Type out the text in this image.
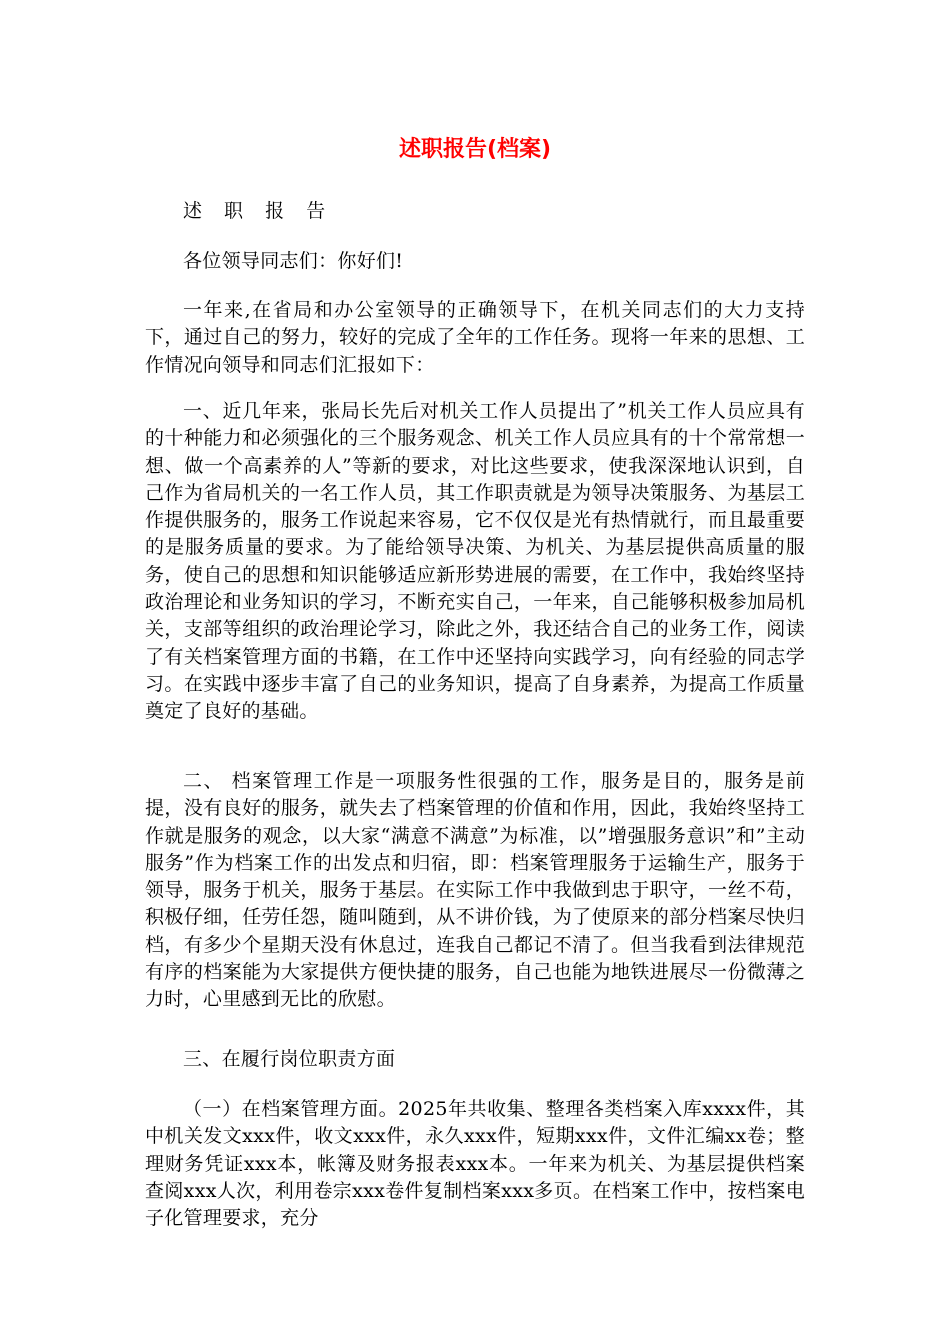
述职报告(档案)

述 职 报 告

各位领导同志们：你好们!

一年来,在省局和办公室领导的正确领导下，在机关同志们的大力支持下，通过自己的努力，较好的完成了全年的工作任务。现将一年来的思想、工作情况向领导和同志们汇报如下：

一、近几年来，张局长先后对机关工作人员提出了”机关工作人员应具有的十种能力和必须强化的三个服务观念、机关工作人员应具有的十个常常想一想、做一个高素养的人”等新的要求，对比这些要求，使我深深地认识到，自己作为省局机关的一名工作人员，其工作职责就是为领导决策服务、为基层工作提供服务的，服务工作说起来容易，它不仅仅是光有热情就行，而且最重要的是服务质量的要求。为了能给领导决策、为机关、为基层提供高质量的服务，使自己的思想和知识能够适应新形势进展的需要，在工作中，我始终坚持政治理论和业务知识的学习，不断充实自己，一年来，自己能够积极参加局机关，支部等组织的政治理论学习，除此之外，我还结合自己的业务工作，阅读了有关档案管理方面的书籍，在工作中还坚持向实践学习，向有经验的同志学习。在实践中逐步丰富了自己的业务知识，提高了自身素养，为提高工作质量奠定了良好的基础。

二、 档案管理工作是一项服务性很强的工作，服务是目的，服务是前提，没有良好的服务，就失去了档案管理的价值和作用，因此，我始终坚持工作就是服务的观念，以大家“满意不满意”为标准，以”增强服务意识”和”主动服务”作为档案工作的出发点和归宿，即：档案管理服务于运输生产，服务于领导，服务于机关，服务于基层。在实际工作中我做到忠于职守，一丝不苟，积极仔细，任劳任怨，随叫随到，从不讲价钱，为了使原来的部分档案尽快归档，有多少个星期天没有休息过，连我自己都记不清了。但当我看到法律规范有序的档案能为大家提供方便快捷的服务，自己也能为地铁进展尽一份微薄之力时，心里感到无比的欣慰。

三、在履行岗位职责方面

（一）在档案管理方面。2025年共收集、整理各类档案入库xxxx件，其中机关发文xxx件，收文xxx件，永久xxx件，短期xxx件，文件汇编xx卷；整理财务凭证xxx本，帐簿及财务报表xxx本。一年来为机关、为基层提供档案查阅xxx人次，利用卷宗xxx卷件复制档案xxx多页。在档案工作中，按档案电子化管理要求，充分
